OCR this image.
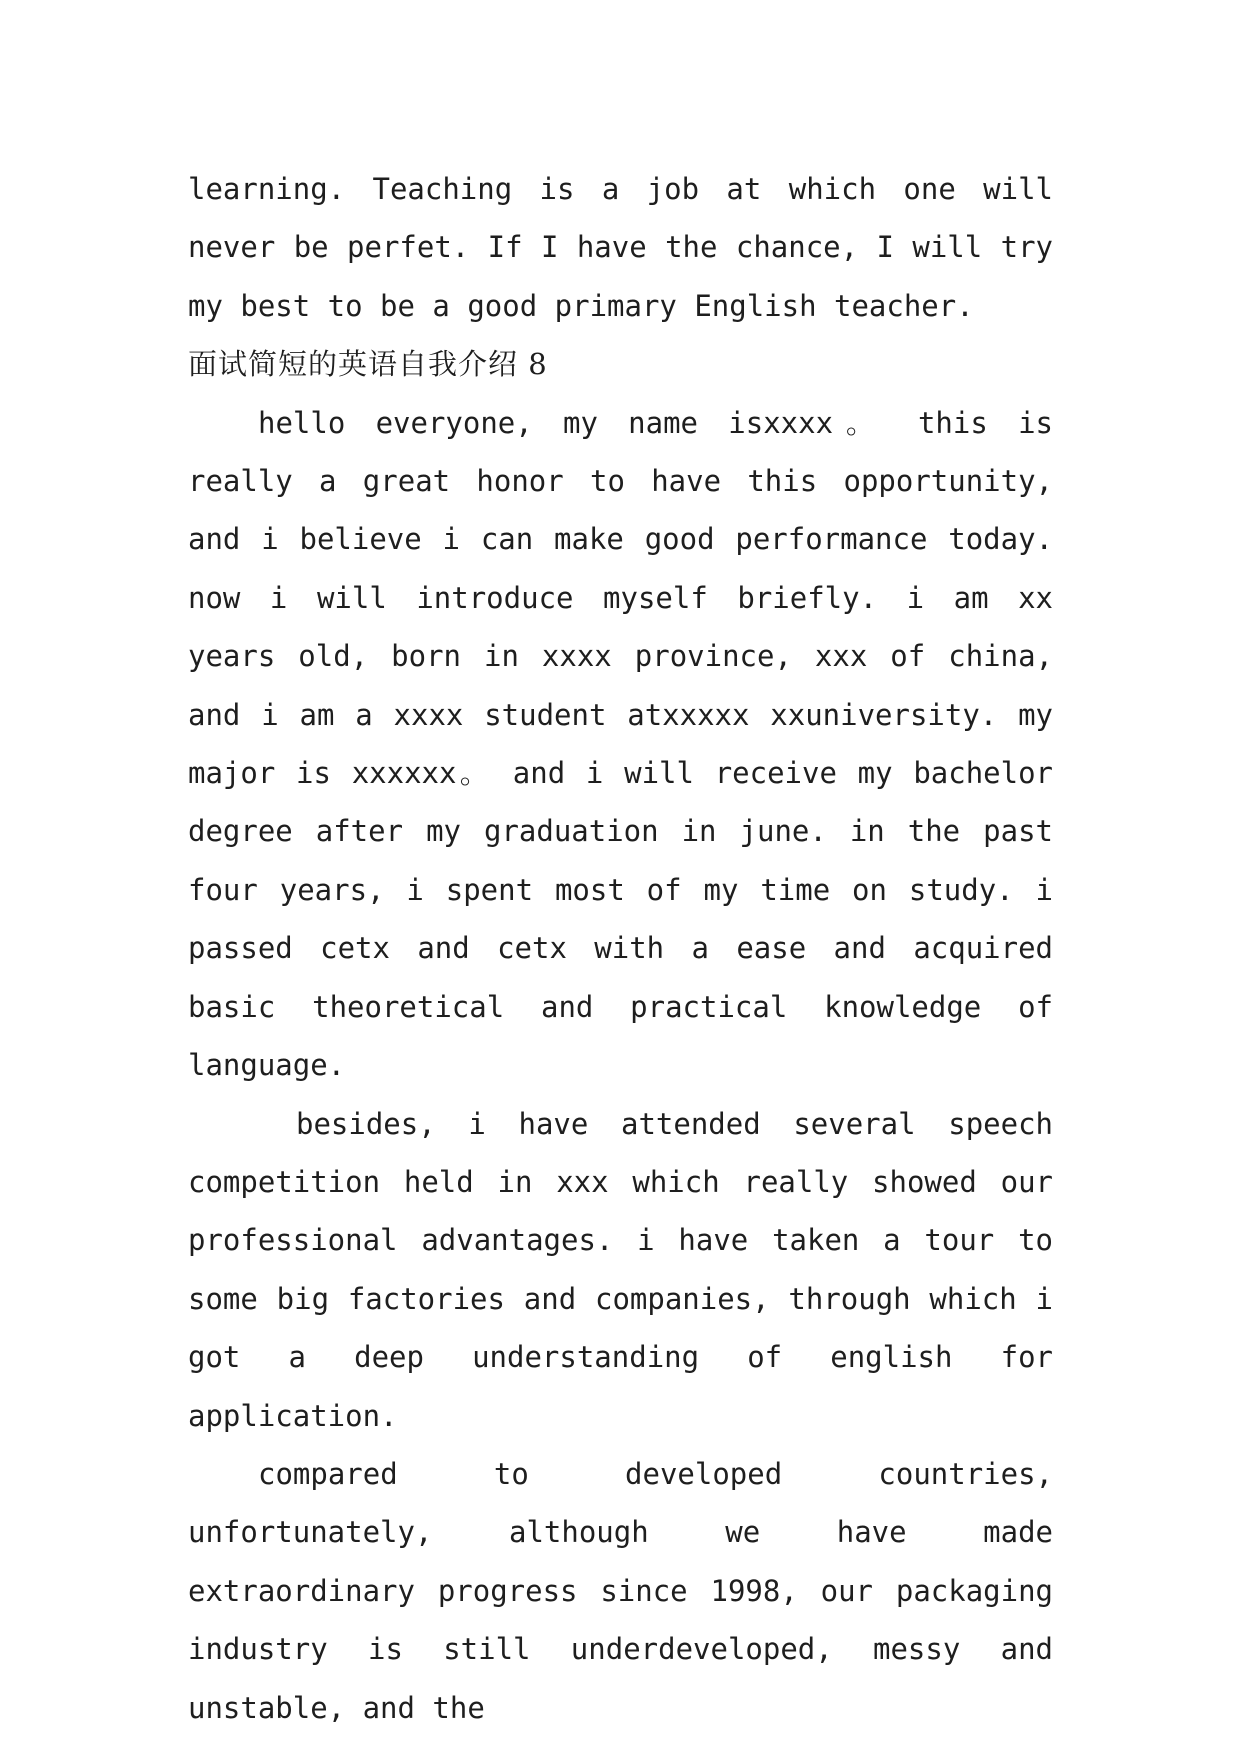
learning. Teaching is a job at which one will never be perfet. If I have the chance, I will try my best to be a good primary English teacher.

面试简短的英语自我介绍 8

hello everyone, my name isxxxx。 this is really a great honor to have this opportunity, and i believe i can make good performance today. now i will introduce myself briefly. i am xx years old, born in xxxx province, xxx of china, and i am a xxxx student atxxxxx xxuniversity. my major is xxxxxx。 and i will receive my bachelor degree after my graduation in june. in the past four years, i spent most of my time on study. i passed cetx and cetx with a ease and acquired basic theoretical and practical knowledge of language.

besides, i have attended several speech competition held in xxx which really showed our professional advantages. i have taken a tour to some big factories and companies, through which i got a deep understanding of english for application.

compared to developed countries, unfortunately, although we have made extraordinary progress since 1998, our packaging industry is still underdeveloped, messy and unstable, and the
